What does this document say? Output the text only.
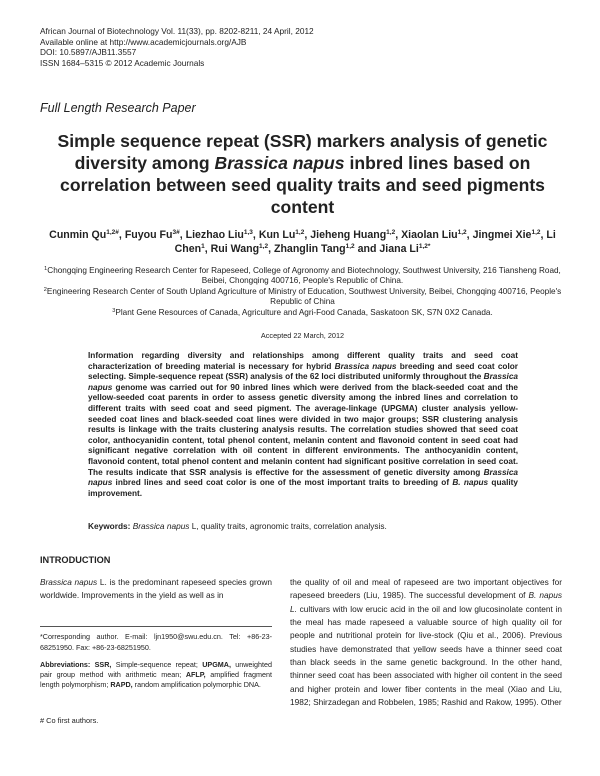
African Journal of Biotechnology Vol. 11(33), pp. 8202-8211, 24 April, 2012
Available online at http://www.academicjournals.org/AJB
DOI: 10.5897/AJB11.3557
ISSN 1684–5315 © 2012 Academic Journals
Full Length Research Paper
Simple sequence repeat (SSR) markers analysis of genetic diversity among Brassica napus inbred lines based on correlation between seed quality traits and seed pigments content
Cunmin $Qu^{1,2\#}$, Fuyou $Fu^{3\#}$, Liezhao Liu$^{1,3}$, Kun Lu$^{1,2}$, Jieheng Huang$^{1,2}$, Xiaolan Liu$^{1,2}$, Jingmei Xie$^{1,2}$, Li Chen$^1$, Rui Wang$^{1,2}$, Zhanglin Tang$^{1,2}$ and Jiana $Li^{1,2*}$
$^1$Chongqing Engineering Research Center for Rapeseed, College of Agronomy and Biotechnology, Southwest University, 216 Tiansheng Road, Beibei, Chongqing 400716, People's Republic of China.
$^2$Engineering Research Center of South Upland Agriculture of Ministry of Education, Southwest University, Beibei, Chongqing 400716, People's Republic of China
$^3$Plant Gene Resources of Canada, Agriculture and Agri-Food Canada, Saskatoon SK, S7N 0X2 Canada.
Accepted 22 March, 2012
Information regarding diversity and relationships among different quality traits and seed coat characterization of breeding material is necessary for hybrid Brassica napus breeding and seed coat color selecting. Simple-sequence repeat (SSR) analysis of the 62 loci distributed uniformly throughout the Brassica napus genome was carried out for 90 inbred lines which were derived from the black-seeded coat and the yellow-seeded coat parents in order to assess genetic diversity among the inbred lines and correlation to different traits with seed coat and seed pigment. The average-linkage (UPGMA) cluster analysis yellow-seeded coat lines and black-seeded coat lines were divided in two major groups; SSR clustering analysis results is linkage with the traits clustering analysis results. The correlation studies showed that seed coat color, anthocyanidin content, total phenol content, melanin content and flavonoid content in seed coat had significant negative correlation with oil content in different environments. The anthocyanidin content, flavonoid content, total phenol content and melanin content had significant positive correlation in seed coat. The results indicate that SSR analysis is effective for the assessment of genetic diversity among Brassica napus inbred lines and seed coat color is one of the most important traits to breeding of B. napus quality improvement.
Keywords: Brassica napus L, quality traits, agronomic traits, correlation analysis.
INTRODUCTION
Brassica napus L. is the predominant rapeseed species grown worldwide. Improvements in the yield as well as in
*Corresponding author. E-mail: ljn1950@swu.edu.cn. Tel: +86-23-68251950. Fax: +86-23-68251950.
Abbreviations: SSR, Simple-sequence repeat; UPGMA, unweighted pair group method with arithmetic mean; AFLP, amplified fragment length polymorphism; RAPD, random amplification polymorphic DNA.
# Co first authors.
the quality of oil and meal of rapeseed are two important objectives for rapeseed breeders (Liu, 1985). The successful development of B. napus L. cultivars with low erucic acid in the oil and low glucosinolate content in the meal has made rapeseed a valuable source of high quality oil for people and nutritional protein for live-stock (Qiu et al., 2006). Previous studies have demonstrated that yellow seeds have a thinner seed coat than black seeds in the same genetic background. In the other hand, thinner seed coat has been associated with higher oil content in the seed and higher protein and lower fiber contents in the meal (Xiao and Liu, 1982; Shirzadegan and Robbelen, 1985; Rashid and Rakow, 1995). Other
